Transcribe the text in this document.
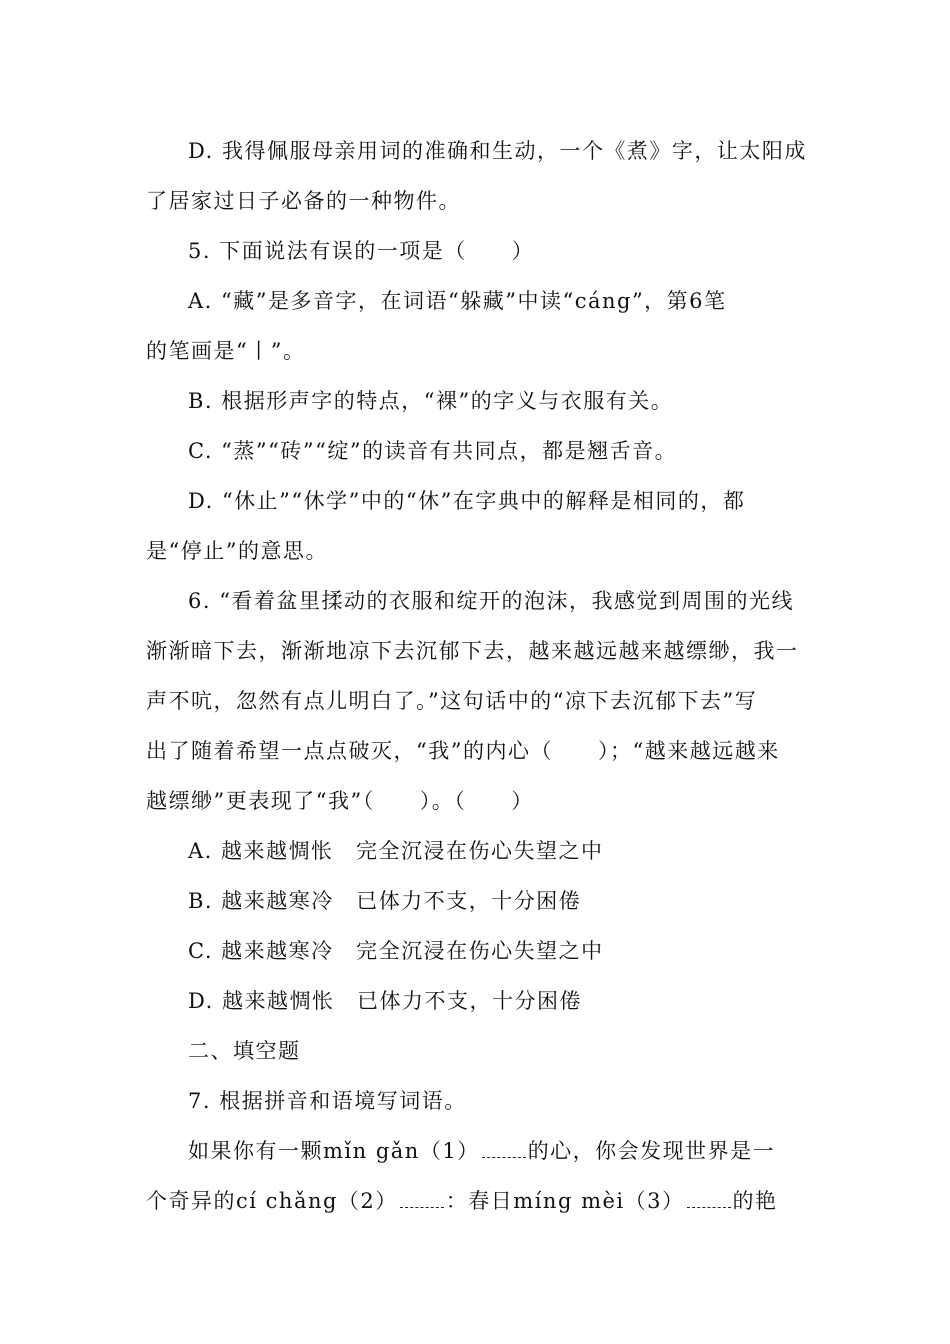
D. 我得佩服母亲用词的准确和生动，一个《煮》字，让太阳成
了居家过日子必备的一种物件。
5. 下面说法有误的一项是（　　）
A. “藏”是多音字，在词语“躲藏”中读“cáng”，第6笔
的笔画是“丨”。
B. 根据形声字的特点，“裸”的字义与衣服有关。
C. “蒸”“砖”“绽”的读音有共同点，都是翘舌音。
D. “休止”“休学”中的“休”在字典中的解释是相同的，都
是“停止”的意思。
6. “看着盆里揉动的衣服和绽开的泡沫，我感觉到周围的光线
渐渐暗下去，渐渐地凉下去沉郁下去，越来越远越来越缥缈，我一
声不吭，忽然有点儿明白了。”这句话中的“凉下去沉郁下去”写
出了随着希望一点点破灭，“我”的内心（　　）；“越来越远越来
越缥缈”更表现了“我”（　　）。（　　）
A. 越来越惆怅　完全沉浸在伤心失望之中
B. 越来越寒冷　已体力不支，十分困倦
C. 越来越寒冷　完全沉浸在伤心失望之中
D. 越来越惆怅　已体力不支，十分困倦
二、填空题
7. 根据拼音和语境写词语。
如果你有一颗mǐn gǎn（1） 的心，你会发现世界是一
个奇异的cí chǎng（2） ：春日míng mèi（3） 的艳
